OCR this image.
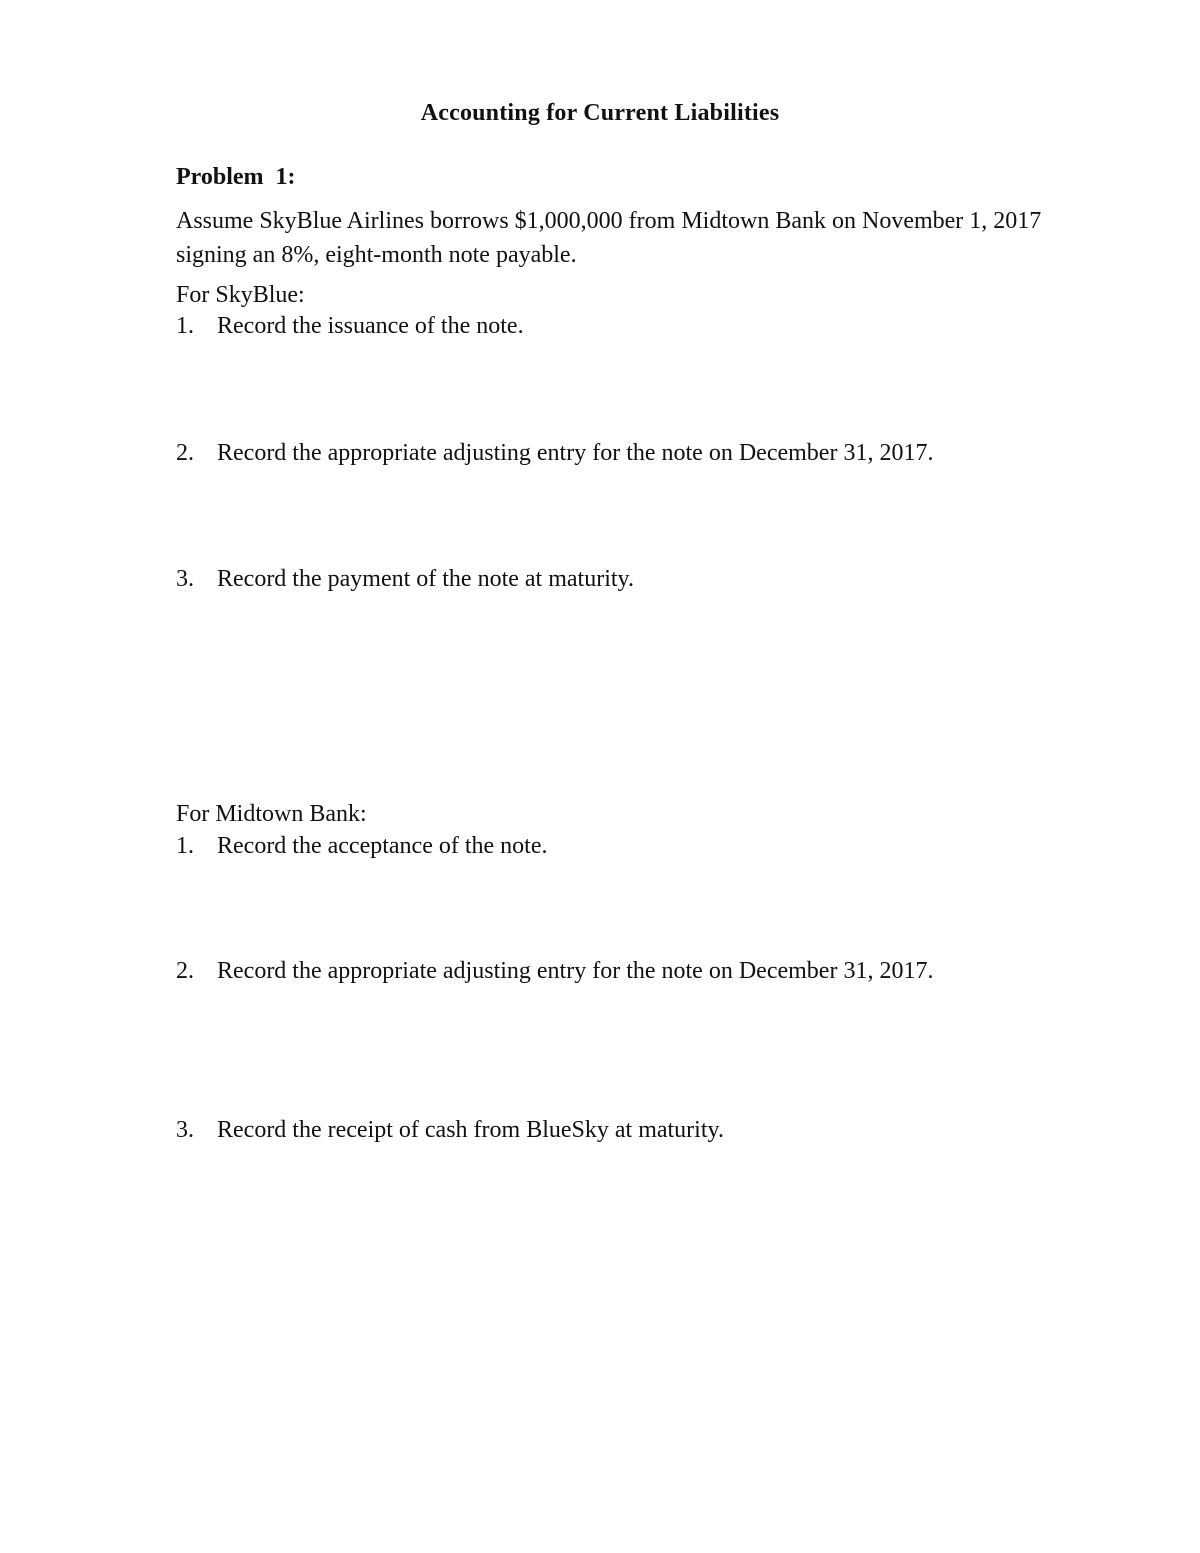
Accounting for Current Liabilities
Problem 1:
Assume SkyBlue Airlines borrows $1,000,000 from Midtown Bank on November 1, 2017 signing an 8%, eight-month note payable.
For SkyBlue:
1. Record the issuance of the note.
2. Record the appropriate adjusting entry for the note on December 31, 2017.
3. Record the payment of the note at maturity.
For Midtown Bank:
1. Record the acceptance of the note.
2. Record the appropriate adjusting entry for the note on December 31, 2017.
3. Record the receipt of cash from BlueSky at maturity.
